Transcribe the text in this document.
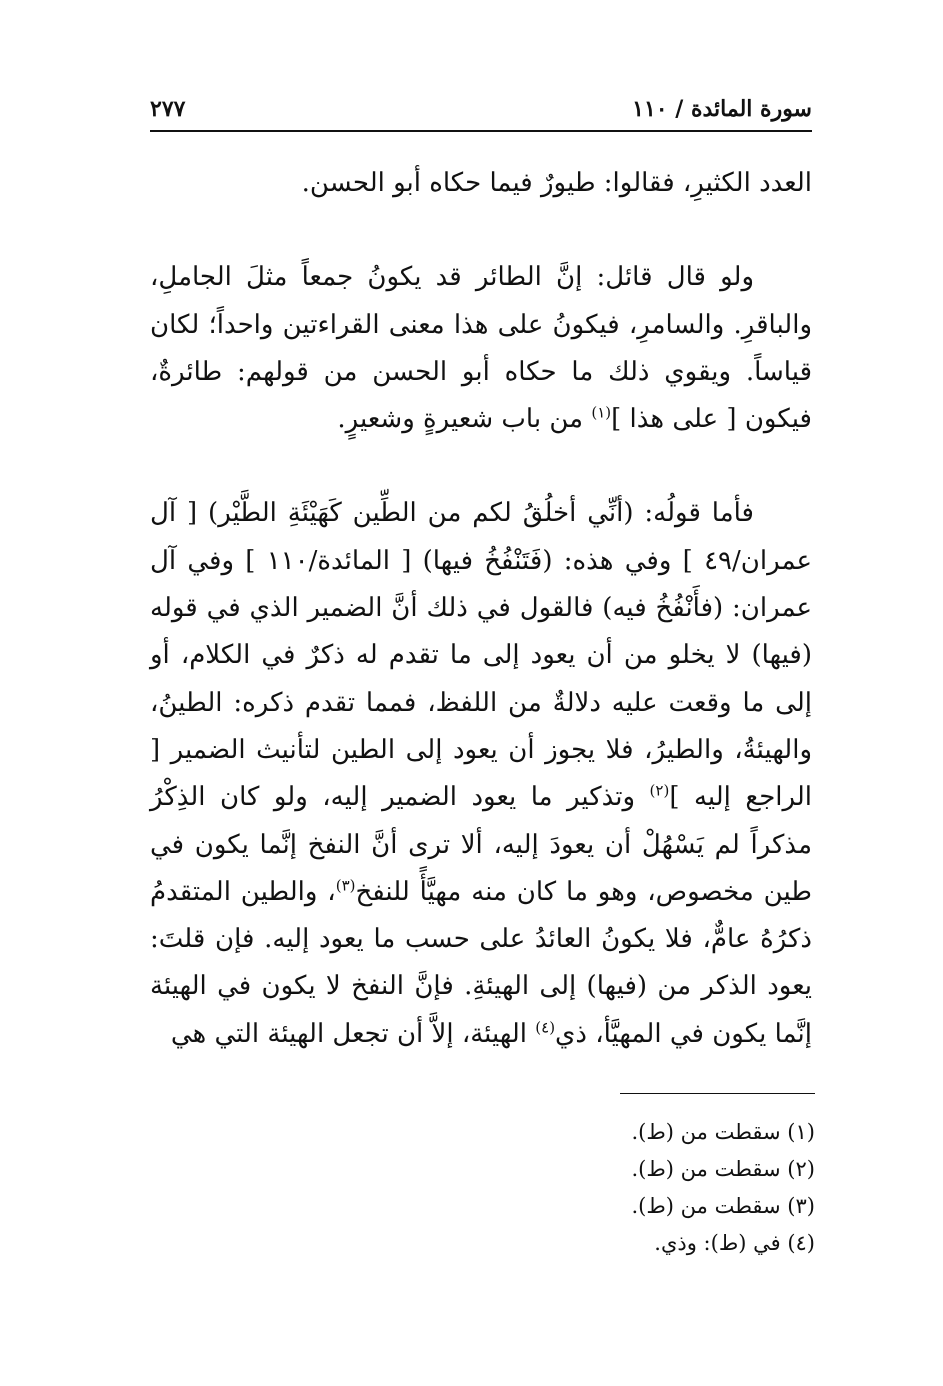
سورة المائدة / ١١٠
٢٧٧

العدد الكثيرِ، فقالوا: طيورٌ فيما حكاه أبو الحسن.

ولو قال قائل: إنَّ الطائر قد يكونُ جمعاً مثلَ الجاملِ، والباقرِ. والسامرِ، فيكونُ على هذا معنى القراءتين واحداً؛ لكان قياساً. ويقوي ذلك ما حكاه أبو الحسن من قولهم: طائرةٌ، فيكون [ على هذا ]$^{(١)}$ من باب شعيرةٍ وشعيرٍ.

فأما قولُه: (أنِّي أخلُقُ لكم من الطِّين كَهَيْئَةِ الطَّيْر) [ آل عمران/٤٩ ] وفي هذه: (فَتَنْفُخُ فيها) [ المائدة/١١٠ ] وفي آل عمران: (فأَنْفُخُ فيه) فالقول في ذلك أنَّ الضمير الذي في قوله (فيها) لا يخلو من أن يعود إلى ما تقدم له ذكرٌ في الكلام، أو إلى ما وقعت عليه دلالةٌ من اللفظ، فمما تقدم ذكره: الطينُ، والهيئةُ، والطيرُ، فلا يجوز أن يعود إلى الطين لتأنيث الضمير [ الراجع إليه ]$^{(٢)}$ وتذكير ما يعود الضمير إليه، ولو كان الذِكْرُ مذكراً لم يَسْهُلْ أن يعودَ إليه، ألا ترى أنَّ النفخ إنَّما يكون في طين مخصوص، وهو ما كان منه مهيَّأً للنفخ$^{(٣)}$، والطين المتقدمُ ذكرُهُ عامٌّ، فلا يكونُ العائدُ على حسب ما يعود إليه. فإن قلتَ: يعود الذكر من (فيها) إلى الهيئةِ. فإنَّ النفخ لا يكون في الهيئة إنَّما يكون في المهيَّأ، ذي$^{(٤)}$ الهيئة، إلاَّ أن تجعل الهيئة التي هي

(١) سقطت من (ط).
(٢) سقطت من (ط).
(٣) سقطت من (ط).
(٤) في (ط): وذي.
